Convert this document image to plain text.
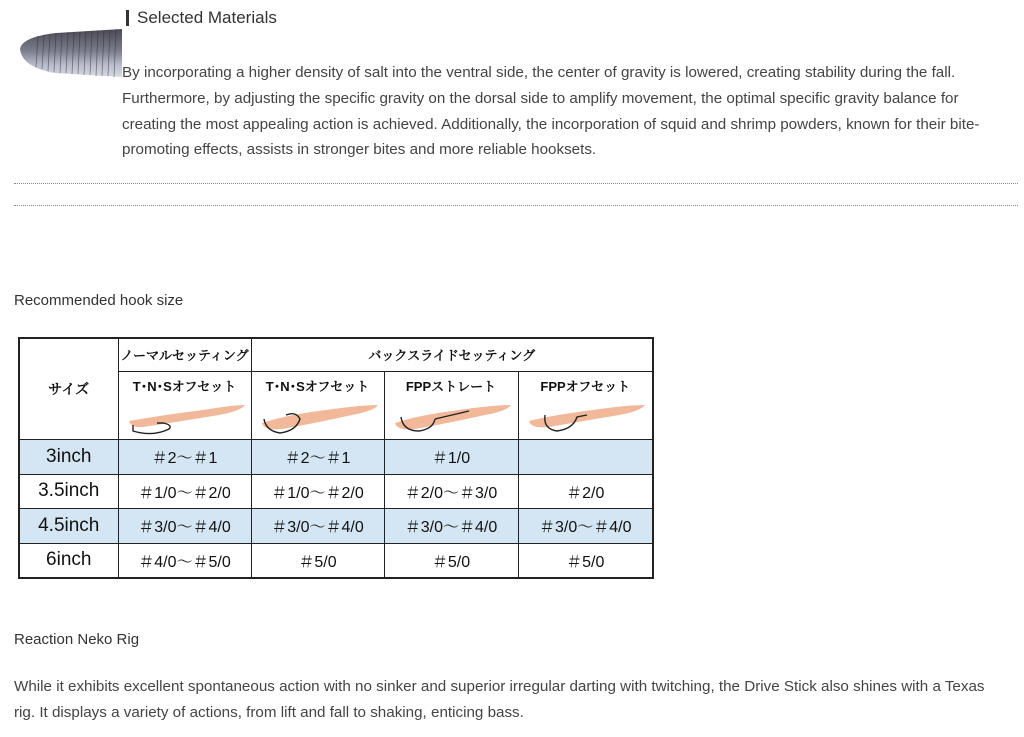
Selected Materials
By incorporating a higher density of salt into the ventral side, the center of gravity is lowered, creating stability during the fall. Furthermore, by adjusting the specific gravity on the dorsal side to amplify movement, the optimal specific gravity balance for creating the most appealing action is achieved. Additionally, the incorporation of squid and shrimp powders, known for their bite-promoting effects, assists in stronger bites and more reliable hooksets.
Recommended hook size
サイズ	ノーマルセッティング	バックスライドセッティング		

	T･N･Sオフセット	T･N･Sオフセット	FPPストレート	FPPオフセット

3inch	＃2～＃1	＃2～＃1	＃1/0	
3.5inch	＃1/0～＃2/0	＃1/0～＃2/0	＃2/0～＃3/0	＃2/0
4.5inch	＃3/0～＃4/0	＃3/0～＃4/0	＃3/0～＃4/0	＃3/0～＃4/0
6inch	＃4/0～＃5/0	＃5/0	＃5/0	＃5/0
Reaction Neko Rig
While it exhibits excellent spontaneous action with no sinker and superior irregular darting with twitching, the Drive Stick also shines with a Texas rig. It displays a variety of actions, from lift and fall to shaking, enticing bass.
